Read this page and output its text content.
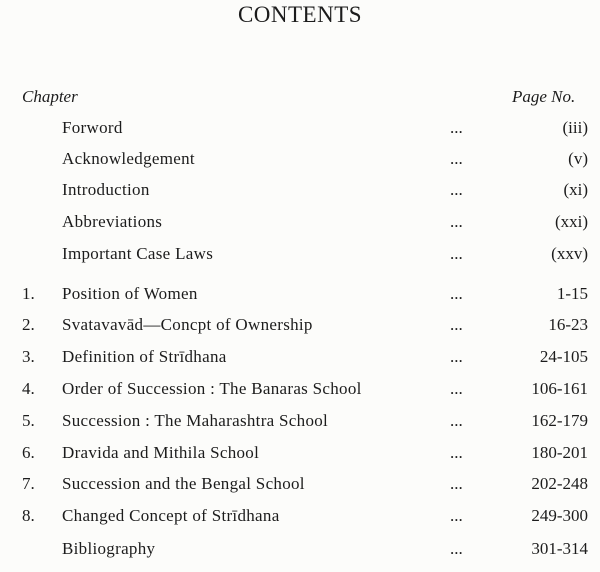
CONTENTS
Chapter	Page No.
Forword	...	(iii)
Acknowledgement	...	(v)
Introduction	...	(xi)
Abbreviations	...	(xxi)
Important Case Laws	...	(xxv)
1. Position of Women	...	1-15
2. Svatavavād—Concpt of Ownership	...	16-23
3. Definition of Strīdhana	...	24-105
4. Order of Succession : The Banaras School	...	106-161
5. Succession : The Maharashtra School	...	162-179
6. Dravida and Mithila School	...	180-201
7. Succession and the Bengal School	...	202-248
8. Changed Concept of Strīdhana	...	249-300
Bibliography	...	301-314
